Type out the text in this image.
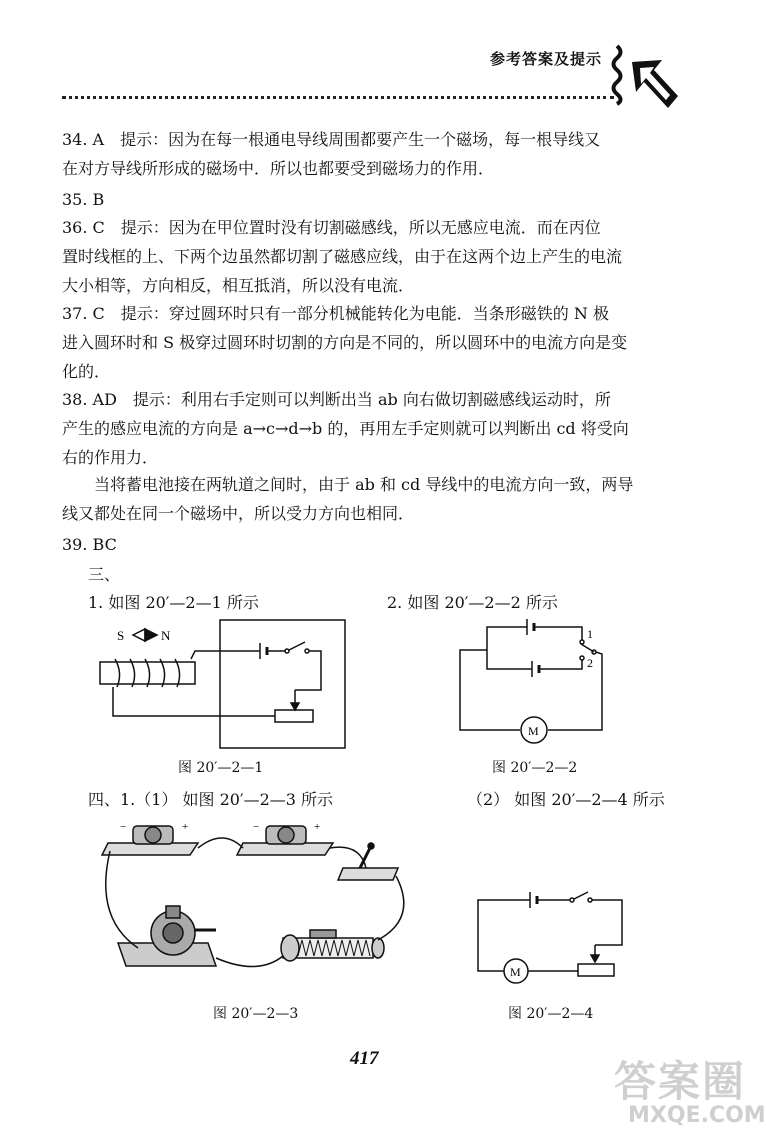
参考答案及提示
34. A　提示：因为在每一根通电导线周围都要产生一个磁场，每一根导线又
在对方导线所形成的磁场中．所以也都要受到磁场力的作用．
35. B
36. C　提示：因为在甲位置时没有切割磁感线，所以无感应电流．而在丙位
置时线框的上、下两个边虽然都切割了磁感应线，由于在这两个边上产生的电流
大小相等，方向相反，相互抵消，所以没有电流．
37. C　提示：穿过圆环时只有一部分机械能转化为电能．当条形磁铁的 N 极
进入圆环时和 S 极穿过圆环时切割的方向是不同的，所以圆环中的电流方向是变
化的．
38. AD　提示：利用右手定则可以判断出当 ab 向右做切割磁感线运动时，所
产生的感应电流的方向是 a→c→d→b 的，再用左手定则就可以判断出 cd 将受向
右的作用力．
　　当将蓄电池接在两轨道之间时，由于 ab 和 cd 导线中的电流方向一致，两导
线又都处在同一个磁场中，所以受力方向也相同．
39. BC
三、
1. 如图 20′—2—1 所示	2. 如图 20′—2—2 所示
S	N
图 20′—2—1
1
2
M
图 20′—2—2
四、1.（1） 如图 20′—2—3 所示	（2） 如图 20′—2—4 所示
−	+	−	+
图 20′—2—3
M
图 20′—2—4
417	答案圈
MXQE.COM
